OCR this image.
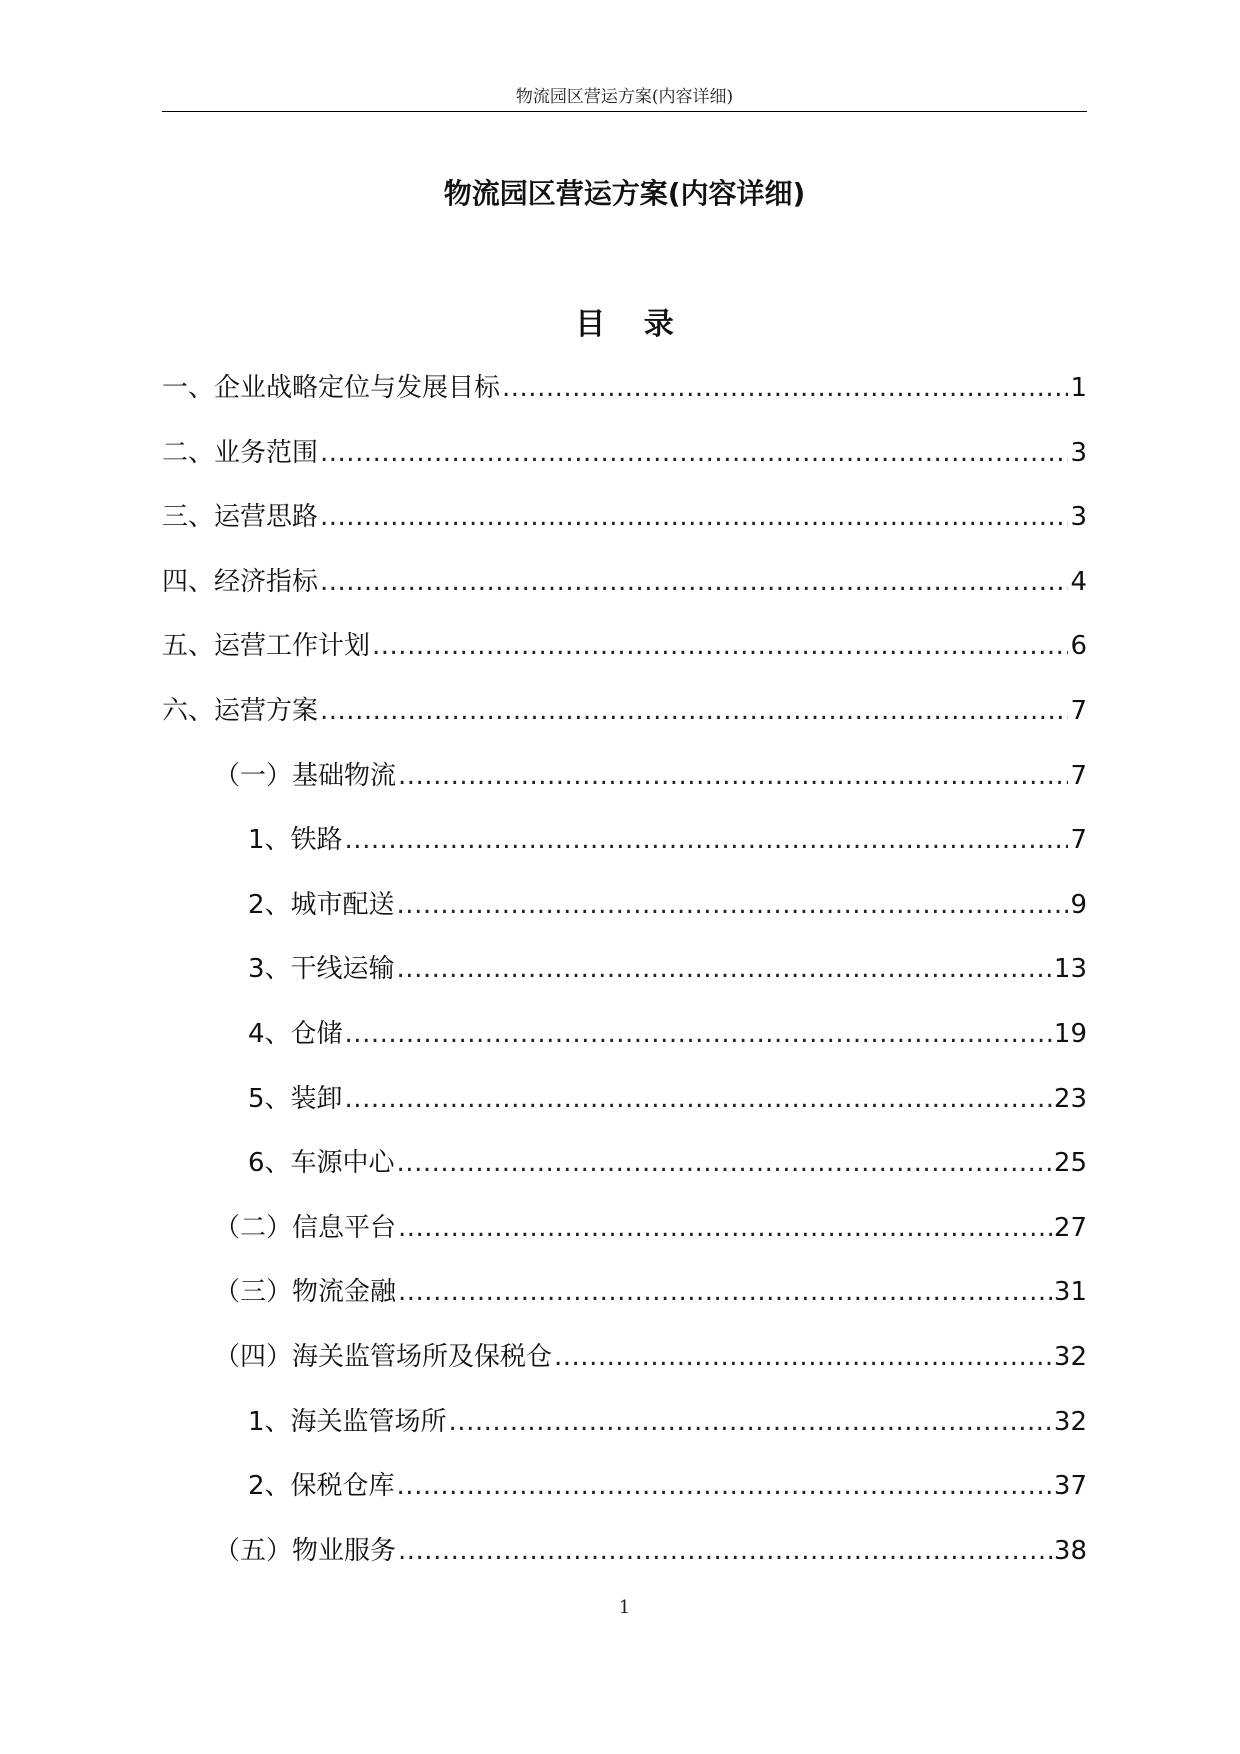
物流园区营运方案(内容详细)
物流园区营运方案(内容详细)
目 录
一、企业战略定位与发展目标 .....	1
二、业务范围 .....	3
三、运营思路 .....	3
四、经济指标 .....	4
五、运营工作计划 .....	6
六、运营方案 .....	7
（一）基础物流 .....	7
1、铁路 .....	7
2、城市配送 .....	9
3、干线运输 .....	13
4、仓储 .....	19
5、装卸 .....	23
6、车源中心 .....	25
（二）信息平台 .....	27
（三）物流金融 .....	31
（四）海关监管场所及保税仓 .....	32
1、海关监管场所 .....	32
2、保税仓库 .....	37
（五）物业服务 .....	38
1
